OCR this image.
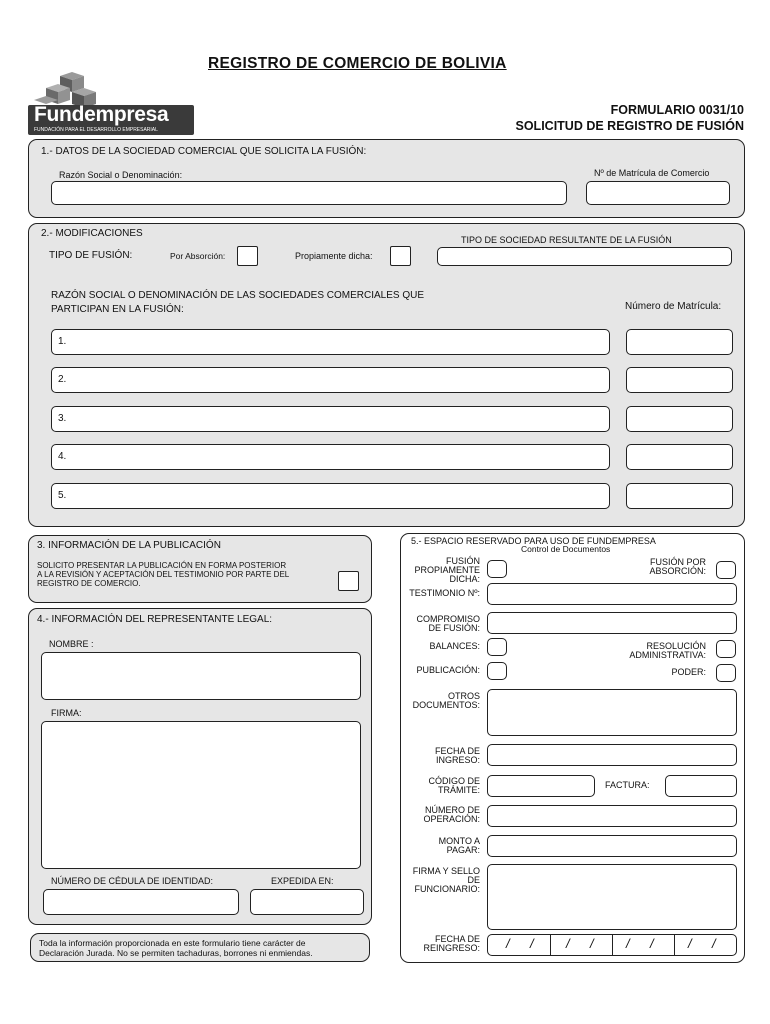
REGISTRO DE COMERCIO DE BOLIVIA
Fundempresa
FUNDACIÓN PARA EL DESARROLLO EMPRESARIAL
FORMULARIO 0031/10
SOLICITUD DE REGISTRO DE FUSIÓN
1.- DATOS DE LA SOCIEDAD COMERCIAL QUE SOLICITA LA FUSIÓN:
Razón Social o Denominación:	Nº de Matrícula de Comercio
2.- MODIFICACIONES
TIPO DE FUSIÓN:	Por Absorción:	Propiamente dicha:
TIPO DE SOCIEDAD RESULTANTE DE LA FUSIÓN
RAZÓN SOCIAL O DENOMINACIÓN DE LAS SOCIEDADES COMERCIALES QUE
PARTICIPAN EN LA FUSIÓN:	Número de Matrícula:
1.
2.
3.
4.
5.
3. INFORMACIÓN DE LA PUBLICACIÓN
SOLICITO PRESENTAR LA PUBLICACIÓN EN FORMA POSTERIOR
A LA REVISIÓN Y ACEPTACIÓN DEL TESTIMONIO POR PARTE DEL
REGISTRO DE COMERCIO.
4.- INFORMACIÓN DEL REPRESENTANTE LEGAL:
NOMBRE :
FIRMA:
NÚMERO DE CÉDULA DE IDENTIDAD:	EXPEDIDA EN:
Toda la información proporcionada en este formulario tiene carácter de
Declaración Jurada. No se permiten tachaduras, borrones ni enmiendas.
5.- ESPACIO RESERVADO PARA USO DE FUNDEMPRESA
Control de Documentos
FUSIÓN
PROPIAMENTE
DICHA:
FUSIÓN POR
ABSORCIÓN:
TESTIMONIO Nº:
COMPROMISO
DE FUSIÓN:
BALANCES:	RESOLUCIÓN
ADMINISTRATIVA:
PUBLICACIÓN:	PODER:
OTROS
DOCUMENTOS:
FECHA DE
INGRESO:
CÓDIGO DE
TRÁMITE:	FACTURA:
NÚMERO DE
OPERACIÓN:
MONTO A
PAGAR:
FIRMA Y SELLO
DE
FUNCIONARIO:
FECHA DE
REINGRESO: / / / / / /	/ /
